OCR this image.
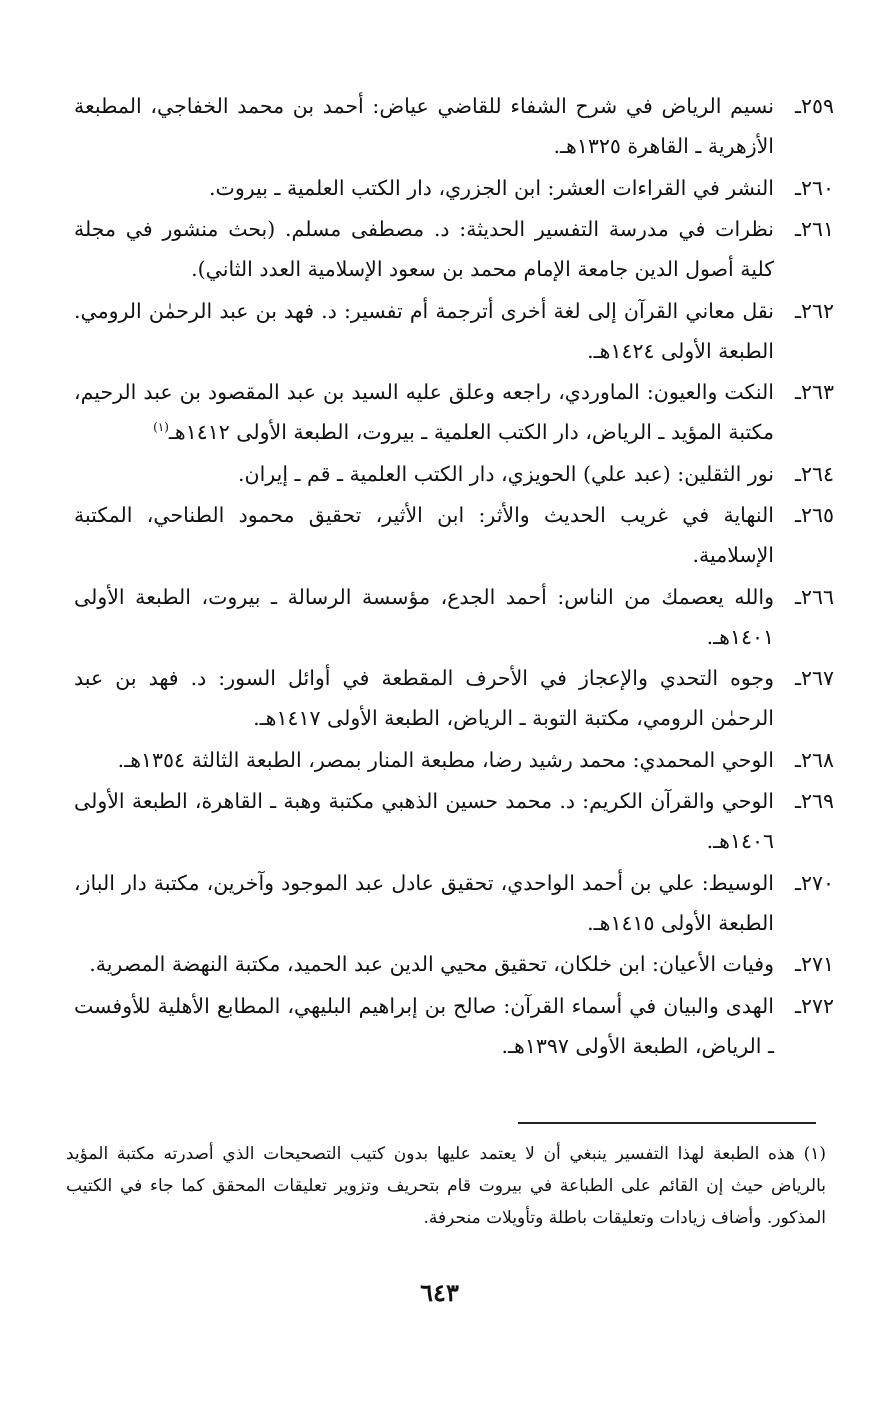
٢٥٩ـ
نسيم الرياض في شرح الشفاء للقاضي عياض: أحمد بن محمد الخفاجي، المطبعة الأزهرية ـ القاهرة ١٣٢٥هـ.
٢٦٠ـ
النشر في القراءات العشر: ابن الجزري، دار الكتب العلمية ـ بيروت.
٢٦١ـ
نظرات في مدرسة التفسير الحديثة: د. مصطفى مسلم. (بحث منشور في مجلة كلية أصول الدين جامعة الإمام محمد بن سعود الإسلامية العدد الثاني).
٢٦٢ـ
نقل معاني القرآن إلى لغة أخرى أترجمة أم تفسير: د. فهد بن عبد الرحمٰن الرومي. الطبعة الأولى ١٤٢٤هـ.
٢٦٣ـ
النكت والعيون: الماوردي، راجعه وعلق عليه السيد بن عبد المقصود بن عبد الرحيم، مكتبة المؤيد ـ الرياض، دار الكتب العلمية ـ بيروت، الطبعة الأولى ١٤١٢هـ$^{(١)}$
٢٦٤ـ
نور الثقلين: (عبد علي) الحويزي، دار الكتب العلمية ـ قم ـ إيران.
٢٦٥ـ
النهاية في غريب الحديث والأثر: ابن الأثير، تحقيق محمود الطناحي، المكتبة الإسلامية.
٢٦٦ـ
والله يعصمك من الناس: أحمد الجدع، مؤسسة الرسالة ـ بيروت، الطبعة الأولى ١٤٠١هـ.
٢٦٧ـ
وجوه التحدي والإعجاز في الأحرف المقطعة في أوائل السور: د. فهد بن عبد الرحمٰن الرومي، مكتبة التوبة ـ الرياض، الطبعة الأولى ١٤١٧هـ.
٢٦٨ـ
الوحي المحمدي: محمد رشيد رضا، مطبعة المنار بمصر، الطبعة الثالثة ١٣٥٤هـ.
٢٦٩ـ
الوحي والقرآن الكريم: د. محمد حسين الذهبي مكتبة وهبة ـ القاهرة، الطبعة الأولى ١٤٠٦هـ.
٢٧٠ـ
الوسيط: علي بن أحمد الواحدي، تحقيق عادل عبد الموجود وآخرين، مكتبة دار الباز، الطبعة الأولى ١٤١٥هـ.
٢٧١ـ
وفيات الأعيان: ابن خلكان، تحقيق محيي الدين عبد الحميد، مكتبة النهضة المصرية.
٢٧٢ـ
الهدى والبيان في أسماء القرآن: صالح بن إبراهيم البليهي، المطابع الأهلية للأوفست ـ الرياض، الطبعة الأولى ١٣٩٧هـ.
(١) هذه الطبعة لهذا التفسير ينبغي أن لا يعتمد عليها بدون كتيب التصحيحات الذي أصدرته مكتبة المؤيد بالرياض حيث إن القائم على الطباعة في بيروت قام بتحريف وتزوير تعليقات المحقق كما جاء في الكتيب المذكور. وأضاف زيادات وتعليقات باطلة وتأويلات منحرفة.
٦٤٣
